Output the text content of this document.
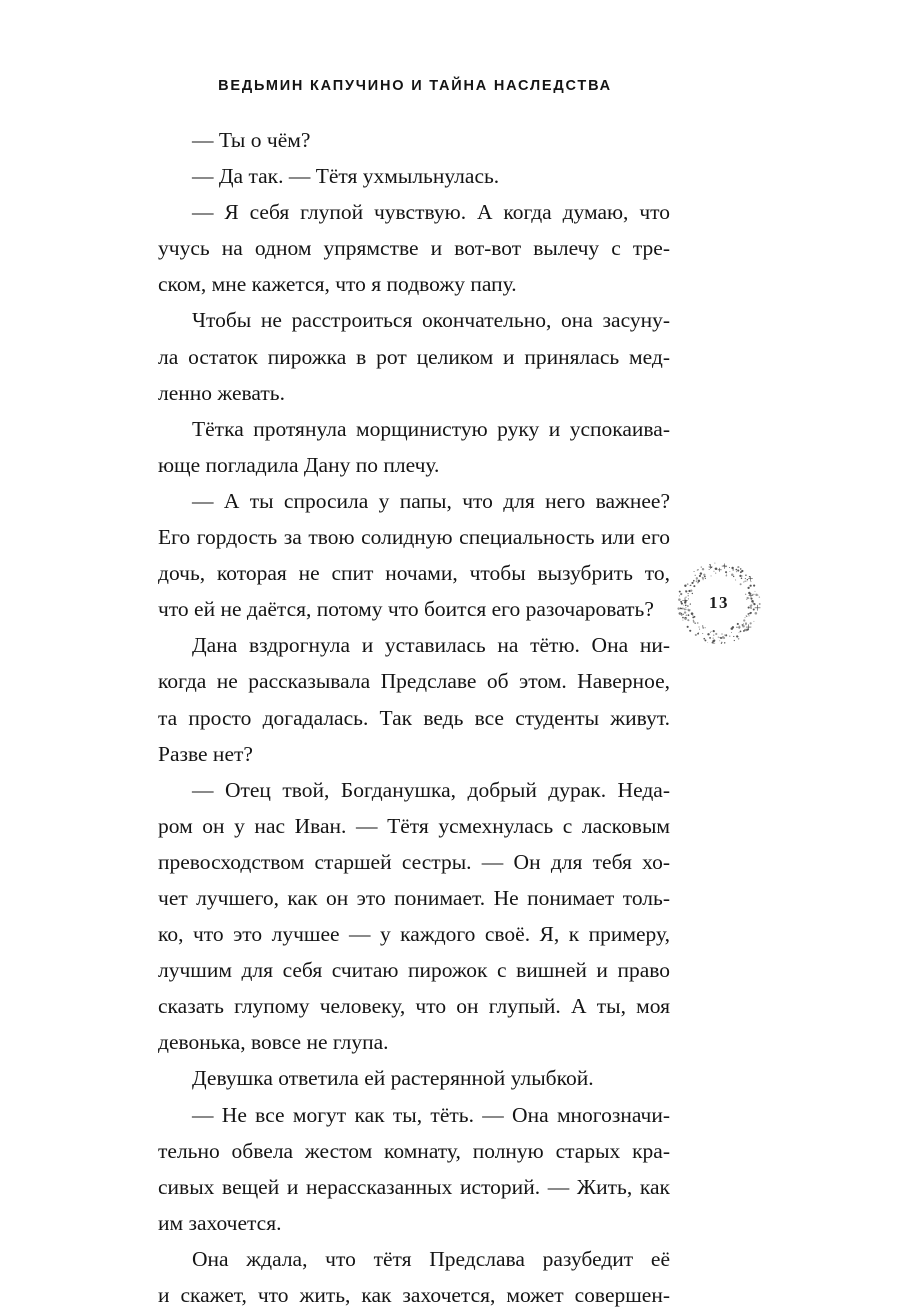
ВЕДЬМИН КАПУЧИНО И ТАЙНА НАСЛЕДСТВА
— Ты о чём?
— Да так. — Тётя ухмыльнулась.
— Я себя глупой чувствую. А когда думаю, что
учусь на одном упрямстве и вот-вот вылечу с тре-
ском, мне кажется, что я подвожу папу.
Чтобы не расстроиться окончательно, она засуну-
ла остаток пирожка в рот целиком и принялась мед-
ленно жевать.
Тётка протянула морщинистую руку и успокаива-
юще погладила Дану по плечу.
— А ты спросила у папы, что для него важнее?
Его гордость за твою солидную специальность или его
дочь, которая не спит ночами, чтобы вызубрить то,
что ей не даётся, потому что боится его разочаровать?
Дана вздрогнула и уставилась на тётю. Она ни-
когда не рассказывала Предславе об этом. Наверное,
та просто догадалась. Так ведь все студенты живут.
Разве нет?
— Отец твой, Богданушка, добрый дурак. Неда-
ром он у нас Иван. — Тётя усмехнулась с ласковым
превосходством старшей сестры. — Он для тебя хо-
чет лучшего, как он это понимает. Не понимает толь-
ко, что это лучшее — у каждого своё. Я, к примеру,
лучшим для себя считаю пирожок с вишней и право
сказать глупому человеку, что он глупый. А ты, моя
девонька, вовсе не глупа.
Девушка ответила ей растерянной улыбкой.
— Не все могут как ты, тёть. — Она многозначи-
тельно обвела жестом комнату, полную старых кра-
сивых вещей и нерассказанных историй. — Жить, как
им захочется.
Она ждала, что тётя Предслава разубедит её
и скажет, что жить, как захочется, может совершен-
13
